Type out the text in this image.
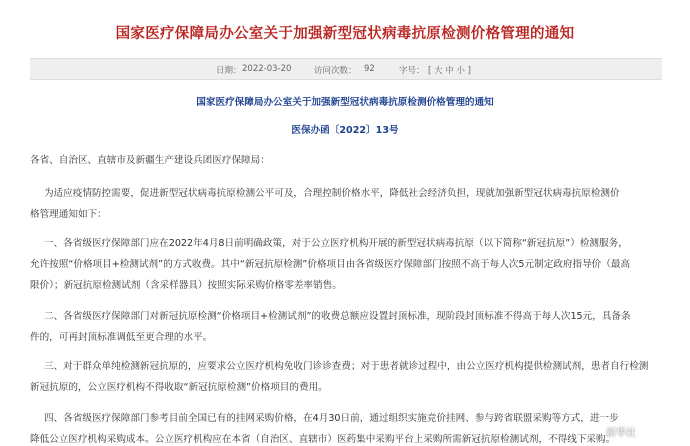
国家医疗保障局办公室关于加强新型冠状病毒抗原检测价格管理的通知
日期： 2022-03-20	访问次数： 92	字号： [ 大 中 小 ]
国家医疗保障局办公室关于加强新型冠状病毒抗原检测价格管理的通知
医保办函〔2022〕13号
各省、自治区、直辖市及新疆生产建设兵团医疗保障局：
为适应疫情防控需要，促进新型冠状病毒抗原检测公平可及，合理控制价格水平，降低社会经济负担，现就加强新型冠状病毒抗原检测价
格管理通知如下：
一、各省级医疗保障部门应在2022年4月8日前明确政策，对于公立医疗机构开展的新型冠状病毒抗原（以下简称“新冠抗原”）检测服务，
允许按照“价格项目+检测试剂”的方式收费。其中“新冠抗原检测”价格项目由各省级医疗保障部门按照不高于每人次5元制定政府指导价（最高
限价）；新冠抗原检测试剂（含采样器具）按照实际采购价格零差率销售。
二、各省级医疗保障部门对新冠抗原检测“价格项目+检测试剂”的收费总额应设置封顶标准，现阶段封顶标准不得高于每人次15元，具备条
件的，可再封顶标准调低至更合理的水平。
三、对于群众单纯检测新冠抗原的，应要求公立医疗机构免收门诊诊查费；对于患者就诊过程中，由公立医疗机构提供检测试剂，患者自行检测
新冠抗原的，公立医疗机构不得收取“新冠抗原检测”价格项目的费用。
四、各省级医疗保障部门参考目前全国已有的挂网采购价格，在4月30日前，通过组织实施竞价挂网、参与跨省联盟采购等方式，进一步
降低公立医疗机构采购成本。公立医疗机构应在本省（自治区、直辖市）医药集中采购平台上采购所需新冠抗原检测试剂，不得线下采购。
新华社
